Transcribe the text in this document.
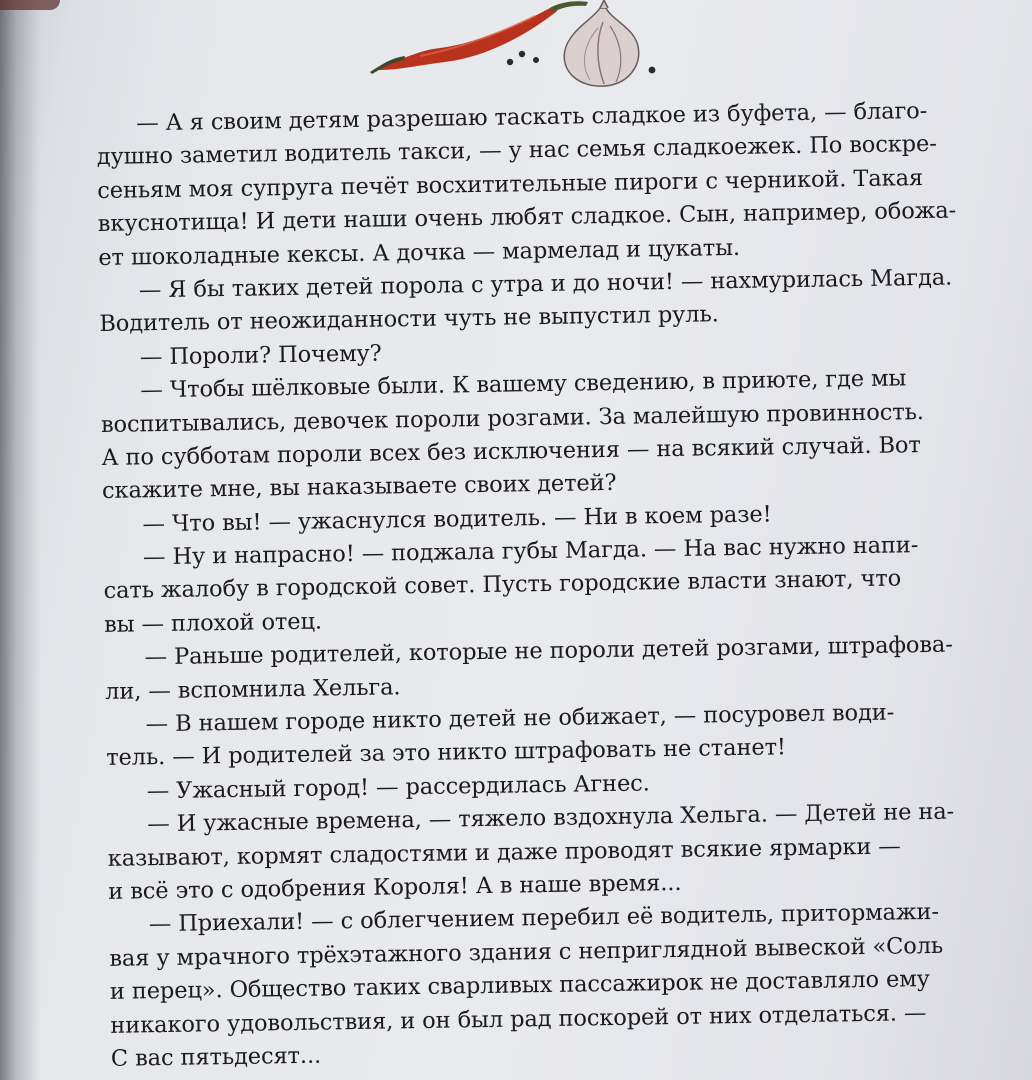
— А я своим детям разрешаю таскать сладкое из буфета, — благо-
душно заметил водитель такси, — у нас семья сладкоежек. По воскре-
сеньям моя супруга печёт восхитительные пироги с черникой. Такая
вкуснотища! И дети наши очень любят сладкое. Сын, например, обожа-
ет шоколадные кексы. А дочка — мармелад и цукаты.
— Я бы таких детей порола с утра и до ночи! — нахмурилась Магда.
Водитель от неожиданности чуть не выпустил руль.
— Пороли? Почему?
— Чтобы шёлковые были. К вашему сведению, в приюте, где мы
воспитывались, девочек пороли розгами. За малейшую провинность.
А по субботам пороли всех без исключения — на всякий случай. Вот
скажите мне, вы наказываете своих детей?
— Что вы! — ужаснулся водитель. — Ни в коем разе!
— Ну и напрасно! — поджала губы Магда. — На вас нужно напи-
сать жалобу в городской совет. Пусть городские власти знают, что
вы — плохой отец.
— Раньше родителей, которые не пороли детей розгами, штрафова-
ли, — вспомнила Хельга.
— В нашем городе никто детей не обижает, — посуровел води-
тель. — И родителей за это никто штрафовать не станет!
— Ужасный город! — рассердилась Агнес.
— И ужасные времена, — тяжело вздохнула Хельга. — Детей не на-
казывают, кормят сладостями и даже проводят всякие ярмарки —
и всё это с одобрения Короля! А в наше время...
— Приехали! — с облегчением перебил её водитель, притормажи-
вая у мрачного трёхэтажного здания с неприглядной вывеской «Соль
и перец». Общество таких сварливых пассажирок не доставляло ему
никакого удовольствия, и он был рад поскорей от них отделаться. —
С вас пятьдесят...
